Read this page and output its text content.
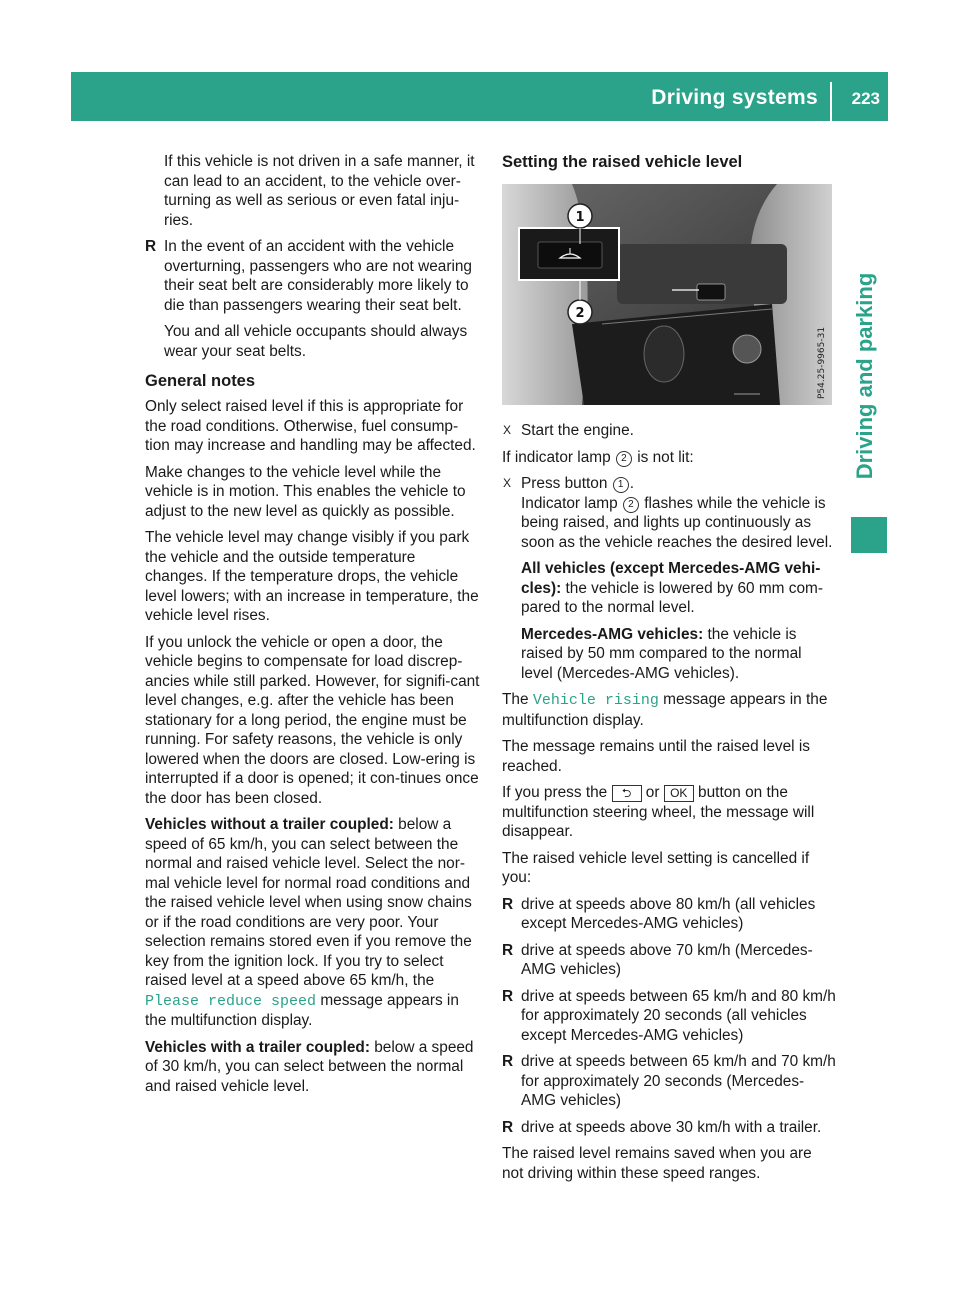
Driving systems 223
Driving and parking

If this vehicle is not driven in a safe manner, it can lead to an accident, to the vehicle over-turning as well as serious or even fatal inju-ries.

R In the event of an accident with the vehicle overturning, passengers who are not wearing their seat belt are considerably more likely to die than passengers wearing their seat belt.

You and all vehicle occupants should always wear your seat belts.

General notes

Only select raised level if this is appropriate for the road conditions. Otherwise, fuel consump-tion may increase and handling may be affected.

Make changes to the vehicle level while the vehicle is in motion. This enables the vehicle to adjust to the new level as quickly as possible.

The vehicle level may change visibly if you park the vehicle and the outside temperature changes. If the temperature drops, the vehicle level lowers; with an increase in temperature, the vehicle level rises.

If you unlock the vehicle or open a door, the vehicle begins to compensate for load discrep-ancies while still parked. However, for signifi-cant level changes, e.g. after the vehicle has been stationary for a long period, the engine must be running. For safety reasons, the vehicle is only lowered when the doors are closed. Low-ering is interrupted if a door is opened; it con-tinues once the door has been closed.

Vehicles without a trailer coupled: below a speed of 65 km/h, you can select between the normal and raised vehicle level. Select the nor-mal vehicle level for normal road conditions and the raised vehicle level when using snow chains or if the road conditions are very poor. Your selection remains stored even if you remove the key from the ignition lock. If you try to select raised level at a speed above 65 km/h, the Please reduce speed message appears in the multifunction display.

Vehicles with a trailer coupled: below a speed of 30 km/h, you can select between the normal and raised vehicle level.

Setting the raised vehicle level
1
2
P54.25-9965-31
X Start the engine.

If indicator lamp 2 is not lit:

X Press button 1 .
Indicator lamp 2 flashes while the vehicle is being raised, and lights up continuously as soon as the vehicle reaches the desired level.

All vehicles (except Mercedes-AMG vehi-cles): the vehicle is lowered by 60 mm com-pared to the normal level.

Mercedes-AMG vehicles: the vehicle is raised by 50 mm compared to the normal level (Mercedes-AMG vehicles).

The Vehicle rising message appears in the multifunction display.

The message remains until the raised level is reached.

If you press the ⮌ or OK button on the multifunction steering wheel, the message will disappear.

The raised vehicle level setting is cancelled if you:

R drive at speeds above 80 km/h (all vehicles except Mercedes-AMG vehicles)
R drive at speeds above 70 km/h (Mercedes-AMG vehicles)
R drive at speeds between 65 km/h and 80 km/h for approximately 20 seconds (all vehicles except Mercedes-AMG vehicles)
R drive at speeds between 65 km/h and 70 km/h for approximately 20 seconds (Mercedes-AMG vehicles)
R drive at speeds above 30 km/h with a trailer.

The raised level remains saved when you are not driving within these speed ranges.
